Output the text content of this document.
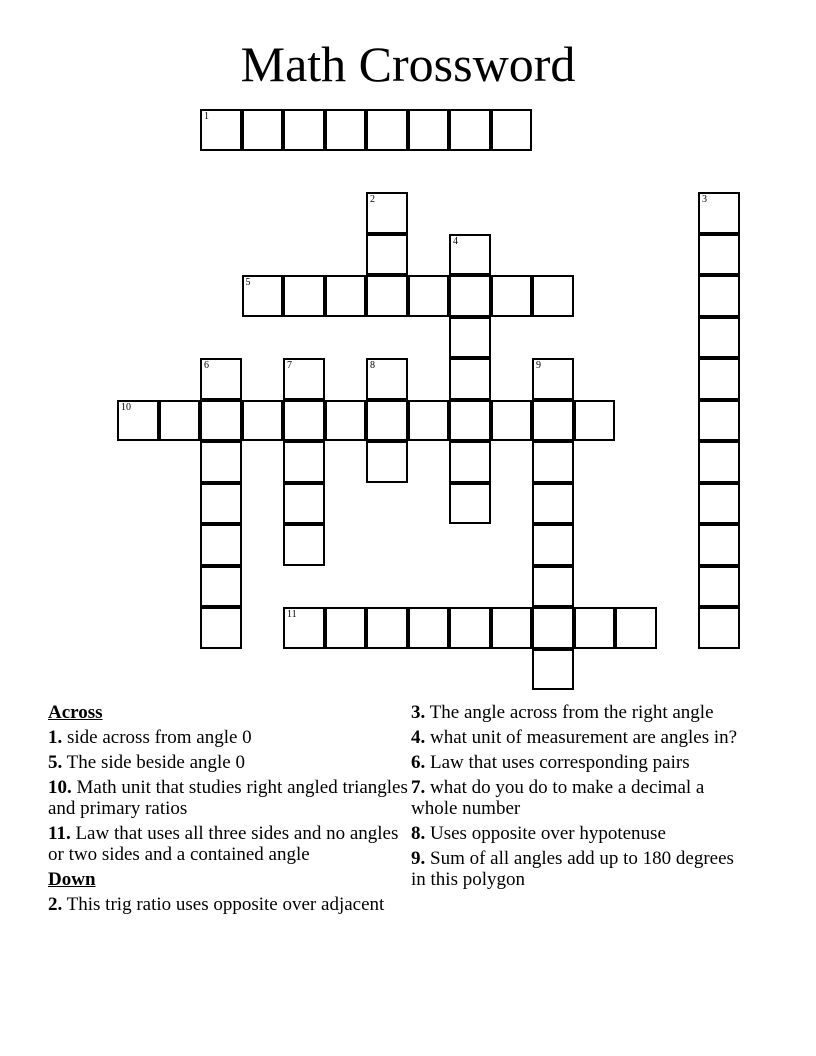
Math Crossword
1
2	3
4
5
6	7	8	9
10
11
Across
1. side across from angle 0
5. The side beside angle 0
10. Math unit that studies right angled triangles and primary ratios
11. Law that uses all three sides and no angles or two sides and a contained angle
Down
2. This trig ratio uses opposite over adjacent
3. The angle across from the right angle
4. what unit of measurement are angles in?
6. Law that uses corresponding pairs
7. what do you do to make a decimal a whole number
8. Uses opposite over hypotenuse
9. Sum of all angles add up to 180 degrees in this polygon
